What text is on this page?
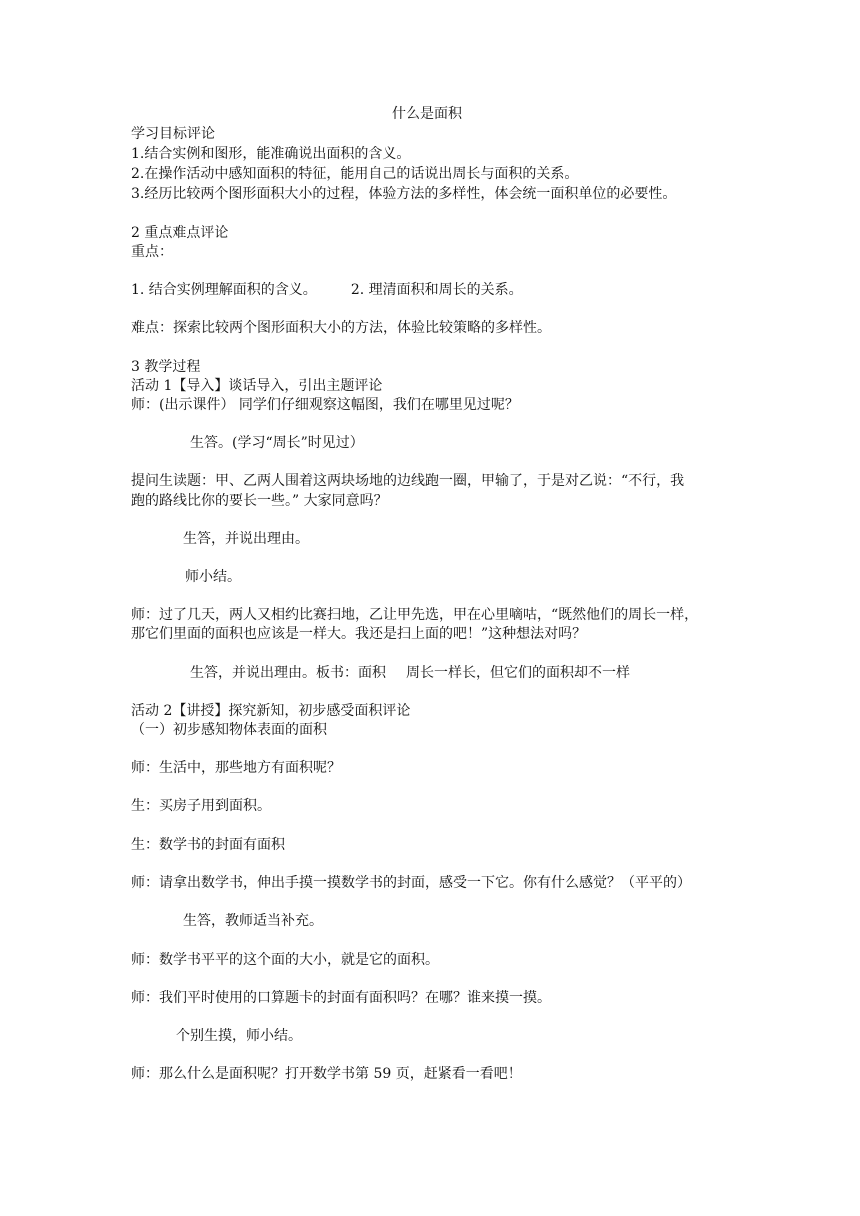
什么是面积
学习目标评论
1.结合实例和图形，能准确说出面积的含义。
2.在操作活动中感知面积的特征，能用自己的话说出周长与面积的关系。
3.经历比较两个图形面积大小的过程，体验方法的多样性，体会统一面积单位的必要性。
2 重点难点评论
重点：
1. 结合实例理解面积的含义。 2. 理清面积和周长的关系。
难点：探索比较两个图形面积大小的方法，体验比较策略的多样性。
3 教学过程
活动 1【导入】谈话导入，引出主题评论
师：(出示课件） 同学们仔细观察这幅图，我们在哪里见过呢？
生答。(学习“周长”时见过）
提问生读题：甲、乙两人围着这两块场地的边线跑一圈，甲输了，于是对乙说：“不行，我
跑的路线比你的要长一些。” 大家同意吗？
生答，并说出理由。
师小结。
师：过了几天，两人又相约比赛扫地，乙让甲先选，甲在心里嘀咕，“既然他们的周长一样，
那它们里面的面积也应该是一样大。我还是扫上面的吧！”这种想法对吗？
生答，并说出理由。板书：面积 周长一样长，但它们的面积却不一样
活动 2【讲授】探究新知，初步感受面积评论
（一）初步感知物体表面的面积
师：生活中，那些地方有面积呢？
生：买房子用到面积。
生：数学书的封面有面积
师：请拿出数学书，伸出手摸一摸数学书的封面，感受一下它。你有什么感觉？（平平的）
生答，教师适当补充。
师：数学书平平的这个面的大小，就是它的面积。
师：我们平时使用的口算题卡的封面有面积吗？在哪？谁来摸一摸。
个别生摸，师小结。
师：那么什么是面积呢？打开数学书第 59 页，赶紧看一看吧！
